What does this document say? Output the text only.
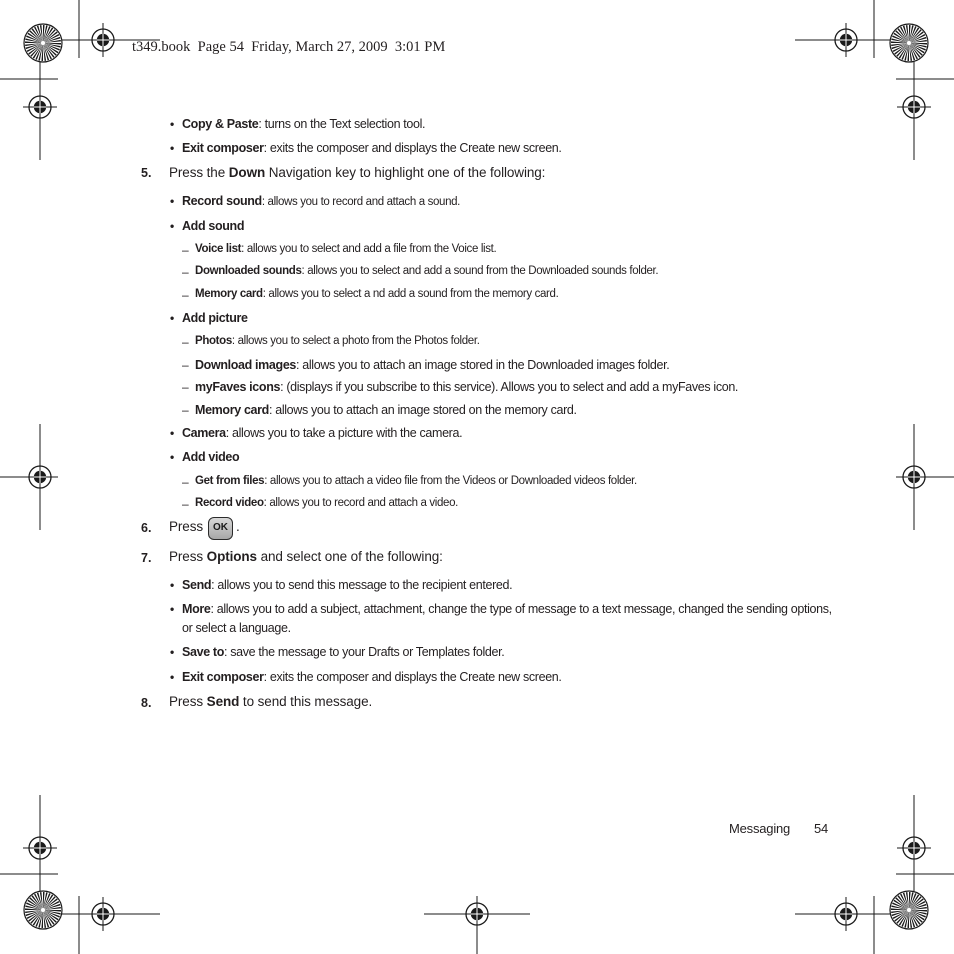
t349.book  Page 54  Friday, March 27, 2009  3:01 PM
• Copy & Paste: turns on the Text selection tool.
• Exit composer: exits the composer and displays the Create new screen.
5. Press the Down Navigation key to highlight one of the following:
• Record sound: allows you to record and attach a sound.
• Add sound
– Voice list: allows you to select and add a file from the Voice list.
– Downloaded sounds: allows you to select and add a sound from the Downloaded sounds folder.
– Memory card: allows you to select a nd add a sound from the memory card.
• Add picture
– Photos: allows you to select a photo from the Photos folder.
– Download images: allows you to attach an image stored in the Downloaded images folder.
– myFaves icons: (displays if you subscribe to this service). Allows you to select and add a myFaves icon.
– Memory card: allows you to attach an image stored on the memory card.
• Camera: allows you to take a picture with the camera.
• Add video
– Get from files: allows you to attach a video file from the Videos or Downloaded videos folder.
– Record video: allows you to record and attach a video.
6. Press OK .
7. Press Options and select one of the following:
• Send: allows you to send this message to the recipient entered.
• More: allows you to add a subject, attachment, change the type of message to a text message, changed the sending options,
or select a language.
• Save to: save the message to your Drafts or Templates folder.
• Exit composer: exits the composer and displays the Create new screen.
8. Press Send to send this message.
Messaging 54
